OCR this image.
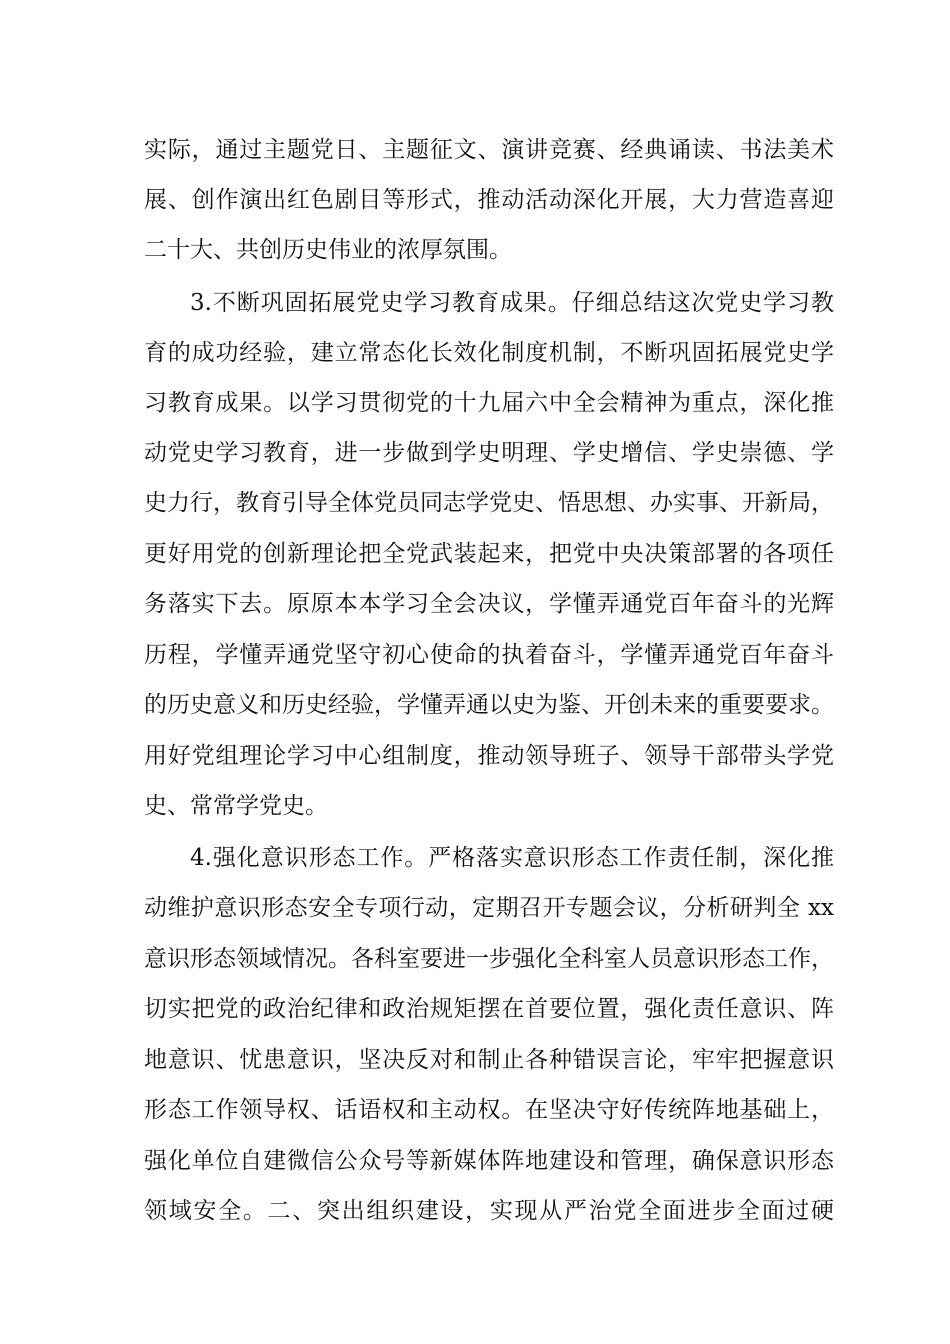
实际，通过主题党日、主题征文、演讲竞赛、经典诵读、书法美术
展、创作演出红色剧目等形式，推动活动深化开展，大力营造喜迎
二十大、共创历史伟业的浓厚氛围。
3.不断巩固拓展党史学习教育成果。仔细总结这次党史学习教
育的成功经验，建立常态化长效化制度机制，不断巩固拓展党史学
习教育成果。以学习贯彻党的十九届六中全会精神为重点，深化推
动党史学习教育，进一步做到学史明理、学史增信、学史崇德、学
史力行，教育引导全体党员同志学党史、悟思想、办实事、开新局，
更好用党的创新理论把全党武装起来，把党中央决策部署的各项任
务落实下去。原原本本学习全会决议，学懂弄通党百年奋斗的光辉
历程，学懂弄通党坚守初心使命的执着奋斗，学懂弄通党百年奋斗
的历史意义和历史经验，学懂弄通以史为鉴、开创未来的重要要求。
用好党组理论学习中心组制度，推动领导班子、领导干部带头学党
史、常常学党史。
4.强化意识形态工作。严格落实意识形态工作责任制，深化推
动维护意识形态安全专项行动，定期召开专题会议，分析研判全 xx
意识形态领域情况。各科室要进一步强化全科室人员意识形态工作，
切实把党的政治纪律和政治规矩摆在首要位置，强化责任意识、阵
地意识、忧患意识，坚决反对和制止各种错误言论，牢牢把握意识
形态工作领导权、话语权和主动权。在坚决守好传统阵地基础上，
强化单位自建微信公众号等新媒体阵地建设和管理，确保意识形态
领域安全。二、突出组织建设，实现从严治党全面进步全面过硬
